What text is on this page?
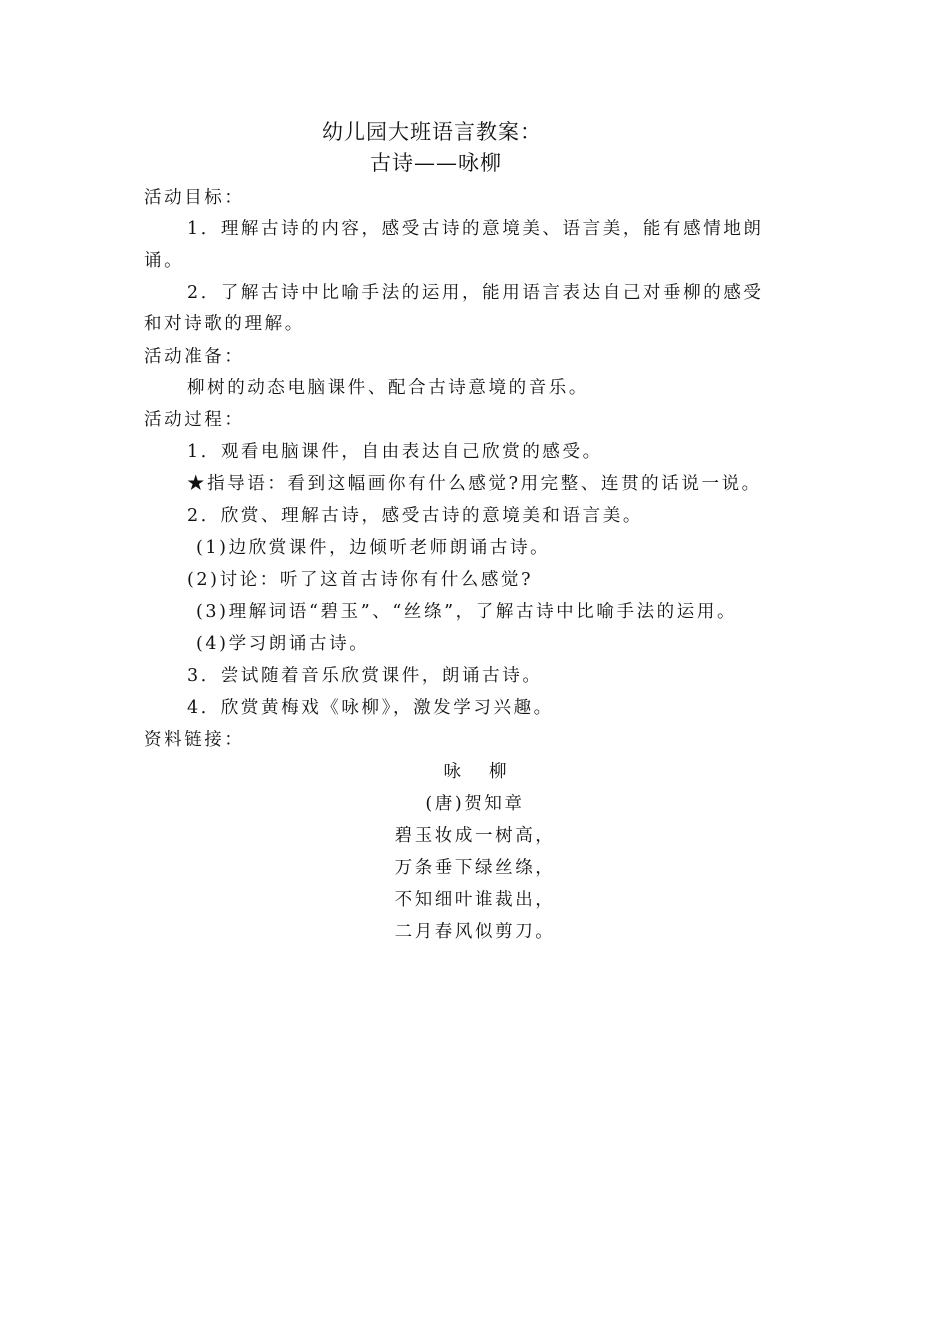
幼儿园大班语言教案：
古诗——咏柳
活动目标：
1．理解古诗的内容，感受古诗的意境美、语言美，能有感情地朗
诵。
2．了解古诗中比喻手法的运用，能用语言表达自己对垂柳的感受
和对诗歌的理解。
活动准备：
柳树的动态电脑课件、配合古诗意境的音乐。
活动过程：
1．观看电脑课件，自由表达自己欣赏的感受。
★指导语：看到这幅画你有什么感觉?用完整、连贯的话说一说。
2．欣赏、理解古诗，感受古诗的意境美和语言美。
(1)边欣赏课件，边倾听老师朗诵古诗。
(2)讨论：听了这首古诗你有什么感觉?
(3)理解词语“碧玉”、“丝绦”，了解古诗中比喻手法的运用。
(4)学习朗诵古诗。
3．尝试随着音乐欣赏课件，朗诵古诗。
4．欣赏黄梅戏《咏柳》，激发学习兴趣。
资料链接：
咏 柳
(唐)贺知章
碧玉妆成一树高，
万条垂下绿丝绦，
不知细叶谁裁出，
二月春风似剪刀。
